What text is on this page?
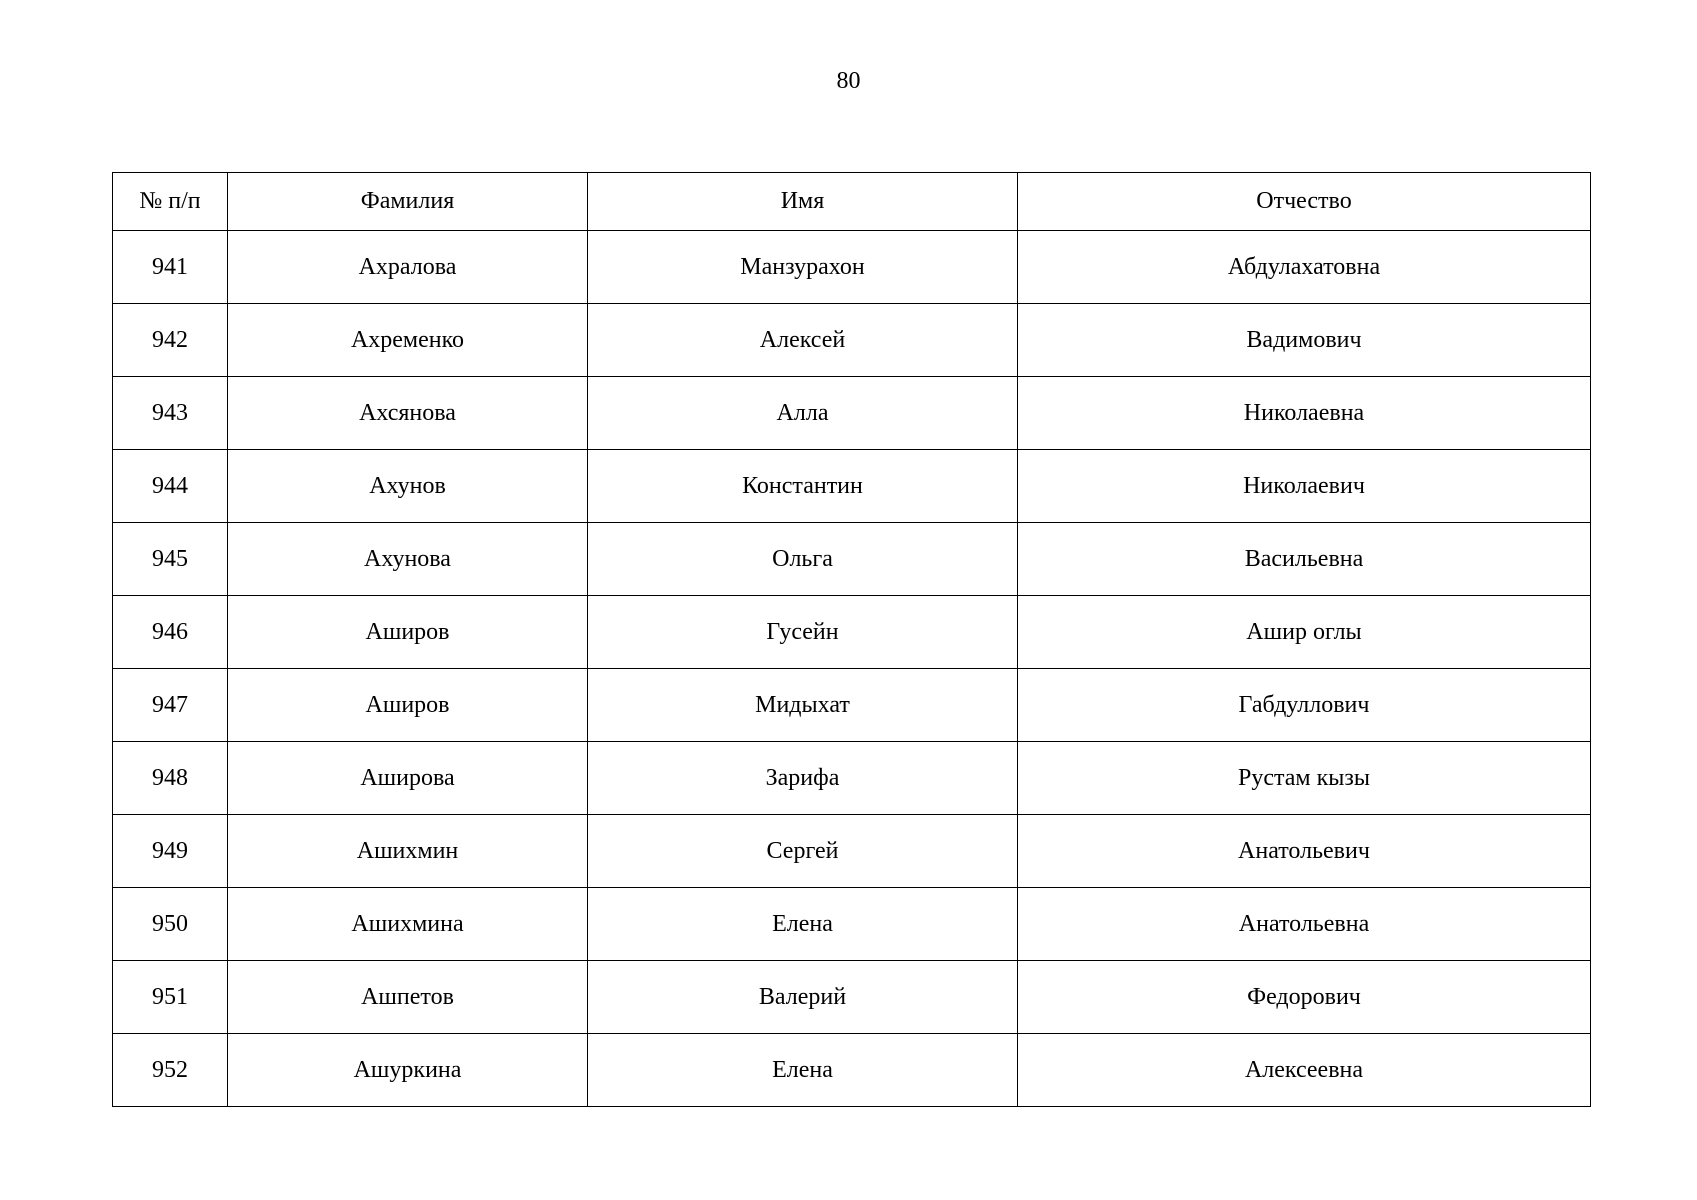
80
№ п/п	Фамилия	Имя	Отчество
941	Ахралова	Манзурахон	Абдулахатовна
942	Ахременко	Алексей	Вадимович
943	Ахсянова	Алла	Николаевна
944	Ахунов	Константин	Николаевич
945	Ахунова	Ольга	Васильевна
946	Аширов	Гусейн	Ашир оглы
947	Аширов	Мидыхат	Габдуллович
948	Аширова	Зарифа	Рустам кызы
949	Ашихмин	Сергей	Анатольевич
950	Ашихмина	Елена	Анатольевна
951	Ашпетов	Валерий	Федорович
952	Ашуркина	Елена	Алексеевна
